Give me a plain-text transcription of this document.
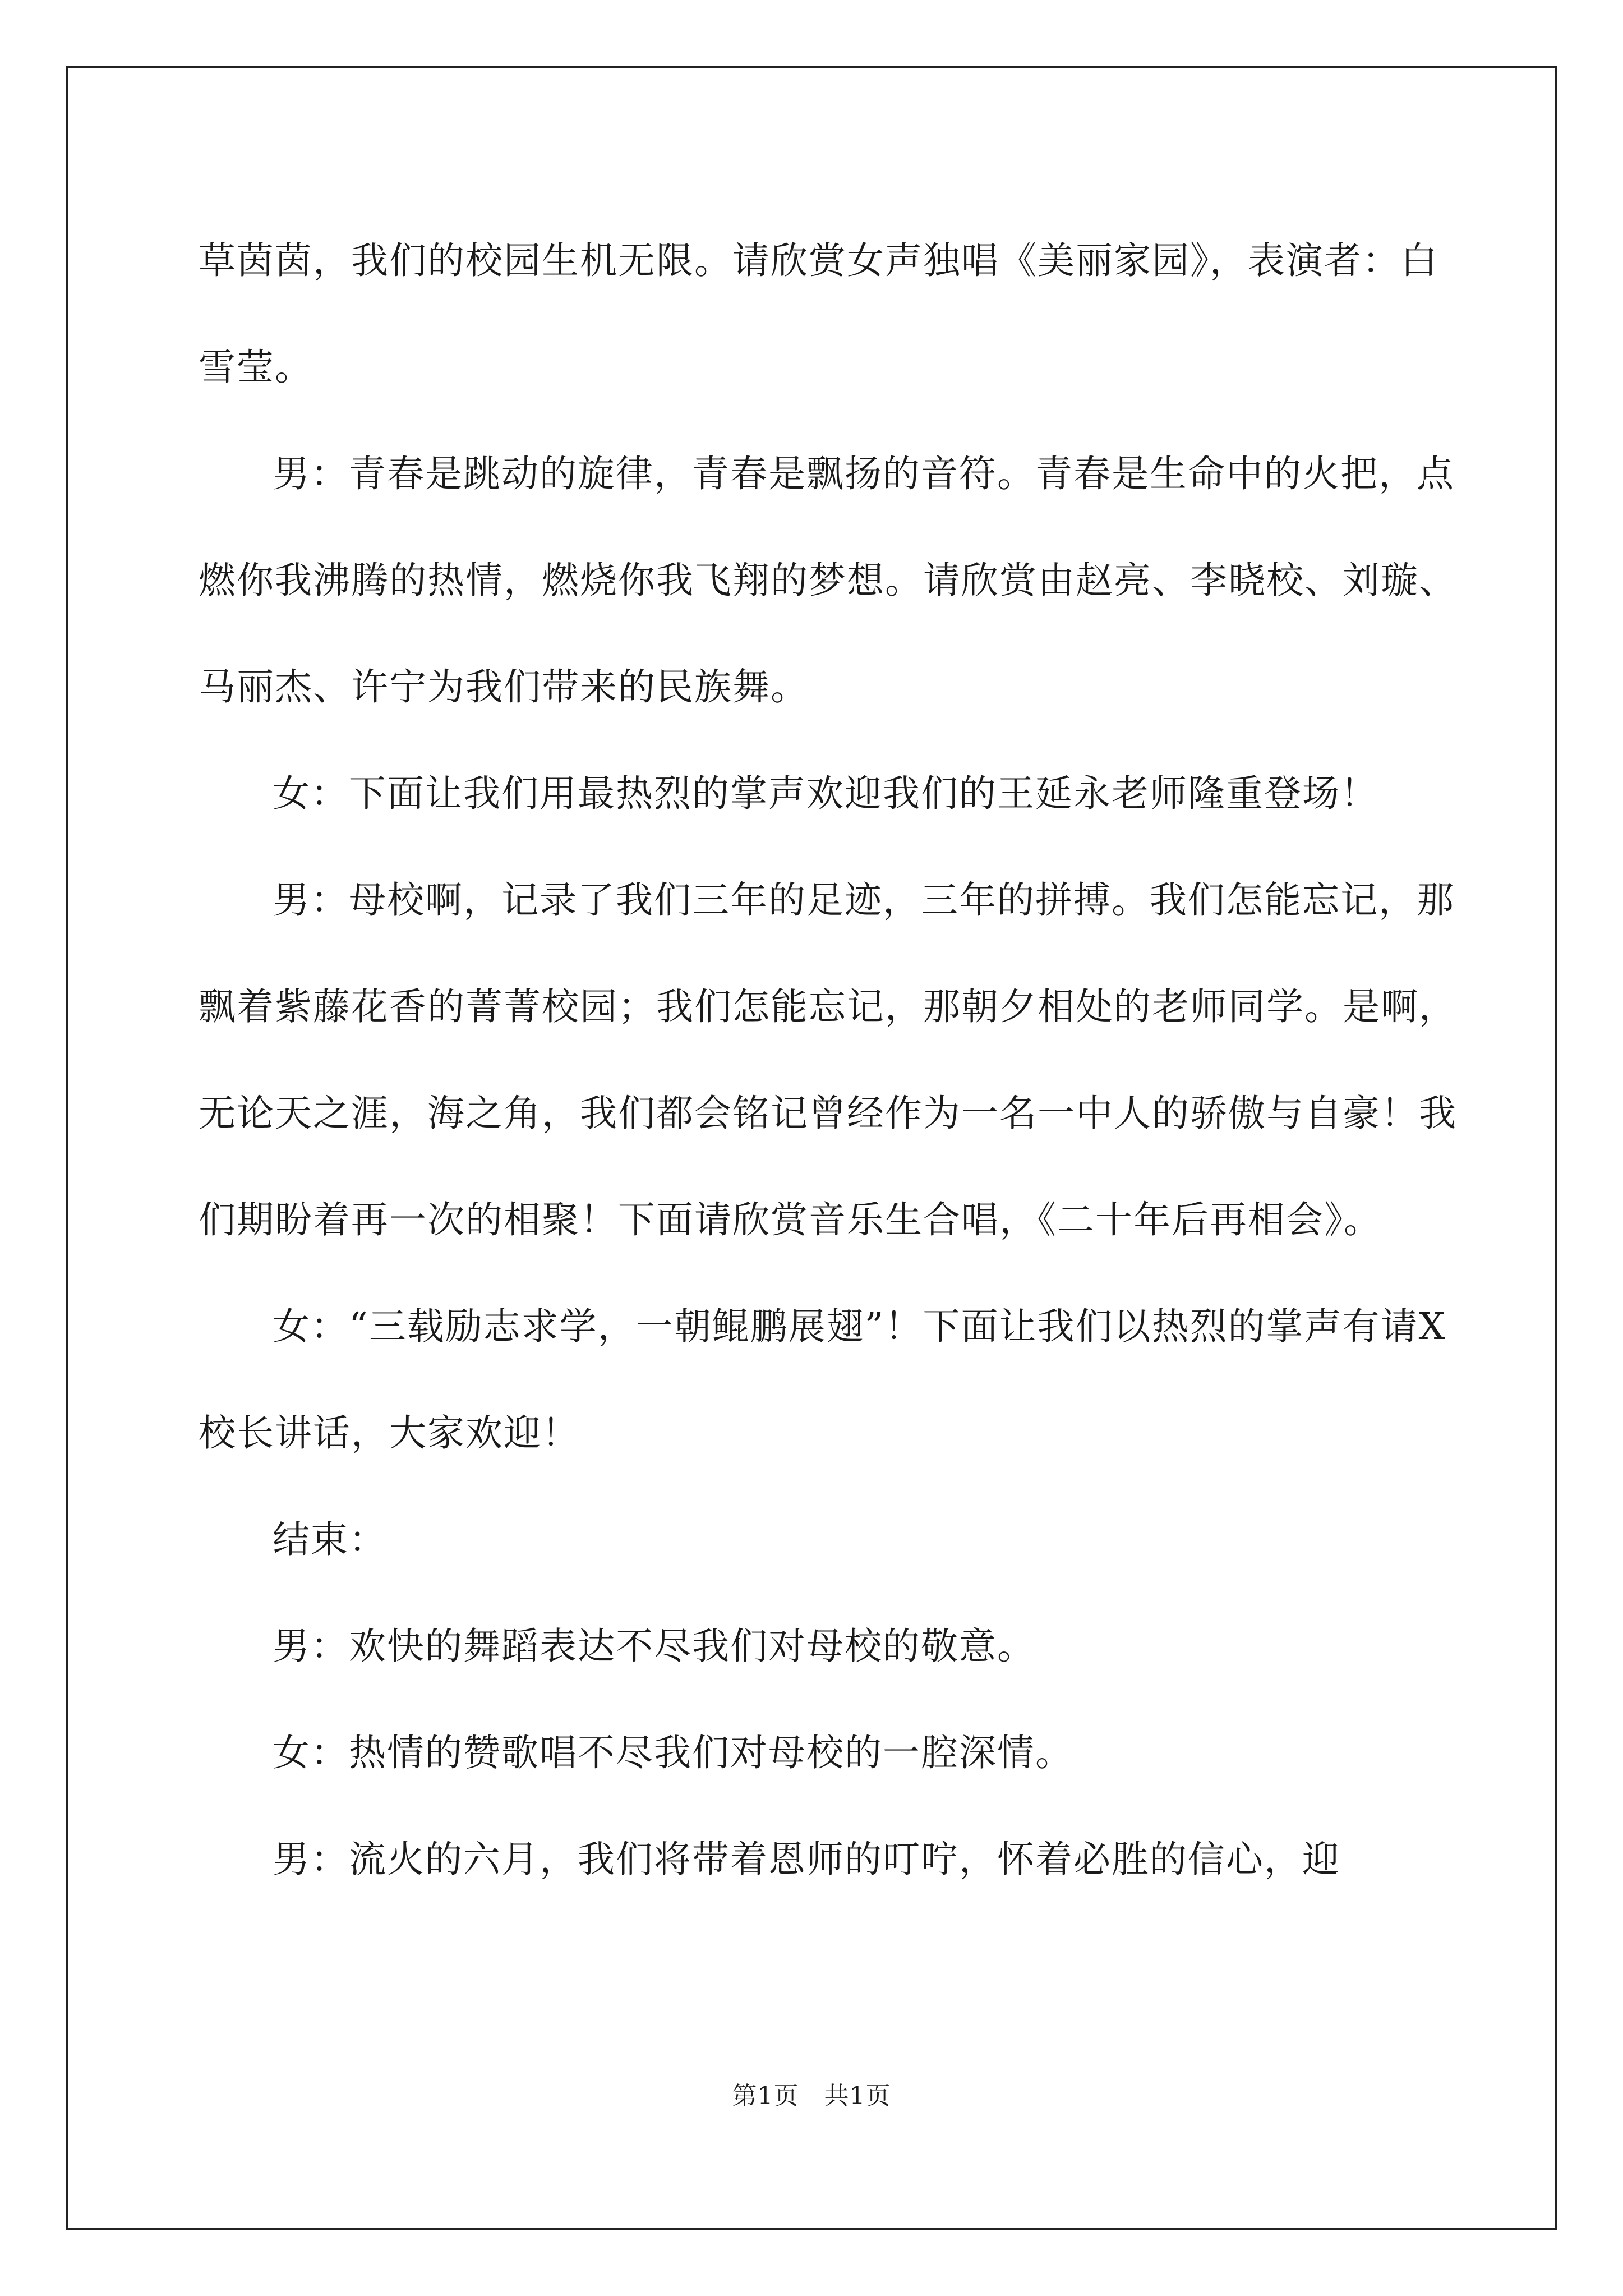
草茵茵，我们的校园生机无限。请欣赏女声独唱《美丽家园》，表演者：白雪莹。

男：青春是跳动的旋律，青春是飘扬的音符。青春是生命中的火把，点燃你我沸腾的热情，燃烧你我飞翔的梦想。请欣赏由赵亮、李晓校、刘璇、马丽杰、许宁为我们带来的民族舞。

女：下面让我们用最热烈的掌声欢迎我们的王延永老师隆重登场！

男：母校啊，记录了我们三年的足迹，三年的拼搏。我们怎能忘记，那飘着紫藤花香的菁菁校园；我们怎能忘记，那朝夕相处的老师同学。是啊，无论天之涯，海之角，我们都会铭记曾经作为一名一中人的骄傲与自豪！我们期盼着再一次的相聚！下面请欣赏音乐生合唱，《二十年后再相会》。

女：“三载励志求学，一朝鲲鹏展翅”！下面让我们以热烈的掌声有请X校长讲话，大家欢迎！

结束：

男：欢快的舞蹈表达不尽我们对母校的敬意。

女：热情的赞歌唱不尽我们对母校的一腔深情。

男：流火的六月，我们将带着恩师的叮咛，怀着必胜的信心，迎

第1页　共1页
